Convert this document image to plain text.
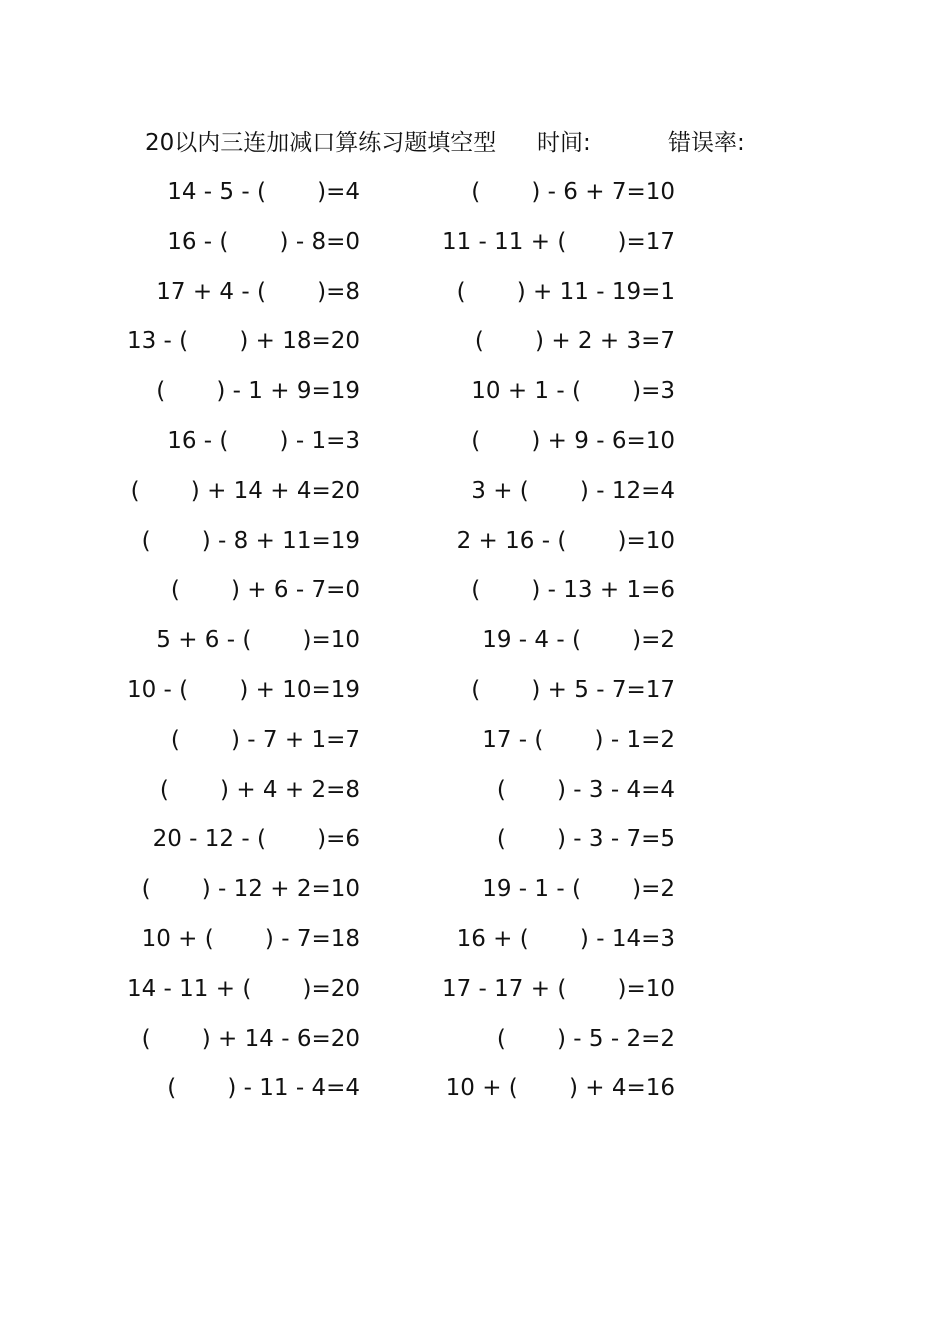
20以内三连加减口算练习题填空型 时间:	错误率:
14 - 5 - (       )=4
16 - (       ) - 8=0
17 + 4 - (       )=8
13 - (       ) + 18=20
(       ) - 1 + 9=19
16 - (       ) - 1=3
(       ) + 14 + 4=20
(       ) - 8 + 11=19
(       ) + 6 - 7=0
5 + 6 - (       )=10
10 - (       ) + 10=19
(       ) - 7 + 1=7
(       ) + 4 + 2=8
20 - 12 - (       )=6
(       ) - 12 + 2=10
10 + (       ) - 7=18
14 - 11 + (       )=20
(       ) + 14 - 6=20
(       ) - 11 - 4=4
(       ) - 6 + 7=10
11 - 11 + (       )=17
(       ) + 11 - 19=1
(       ) + 2 + 3=7
10 + 1 - (       )=3
(       ) + 9 - 6=10
3 + (       ) - 12=4
2 + 16 - (       )=10
(       ) - 13 + 1=6
19 - 4 - (       )=2
(       ) + 5 - 7=17
17 - (       ) - 1=2
(       ) - 3 - 4=4
(       ) - 3 - 7=5
19 - 1 - (       )=2
16 + (       ) - 14=3
17 - 17 + (       )=10
(       ) - 5 - 2=2
10 + (       ) + 4=16
